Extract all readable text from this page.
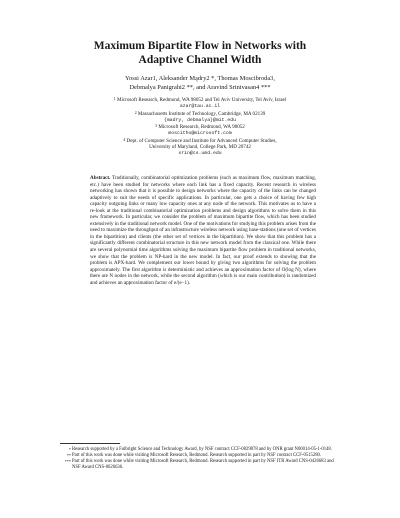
Maximum Bipartite Flow in Networks with
Adaptive Channel Width
Yossi Azar1, Aleksander Mądry2 *, Thomas Moscibroda3,
Debmalya Panigrahi2 **, and Aravind Srinivasan4 ***
$^1$ Microsoft Research, Redmond, WA 98052 and Tel Aviv University, Tel Aviv, Israel
azar@tau.ac.il
$^2$ Massachusetts Institute of Technology, Cambridge, MA 02139
{madry, debmalya}@mit.edu
$^3$ Microsoft Research, Redmond, WA 98052
moscitho@microsoft.com
$^4$ Dept. of Computer Science and Institute for Advanced Computer Studies,
University of Maryland, College Park, MD 20742
srin@cs.umd.edu
Abstract. Traditionally, combinatorial optimization problems (such as maximum flow, maximum matching, etc.) have been studied for networks where each link has a fixed capacity. Recent research in wireless networking has shown that it is possible to design networks where the capacity of the links can be changed adaptively to suit the needs of specific applications. In particular, one gets a choice of having few high capacity outgoing links or many low capacity ones at any node of the network. This motivates us to have a re-look at the traditional combinatorial optimization problems and design algorithms to solve them in this new framework. In particular, we consider the problem of maximum bipartite flow, which has been studied extensively in the traditional network model. One of the motivations for studying this problem arises from the need to maximize the throughput of an infrastructure wireless network using base-stations (one set of vertices in the bipartition) and clients (the other set of vertices in the bipartition). We show that this problem has a significantly different combinatorial structure in this new network model from the classical one. While there are several polynomial time algorithms solving the maximum bipartite flow problem in traditional networks, we show that the problem is NP-hard in the new model. In fact, our proof extends to showing that the problem is APX-hard. We complement our lower bound by giving two algorithms for solving the problem approximately. The first algorithm is deterministic and achieves an approximation factor of O(log N), where there are N nodes in the network, while the second algorithm (which is our main contribution) is randomized and achieves an approximation factor of e/(e−1).
* Research supported by a Fulbright Science and Technology Award, by NSF contract CCF-0829878 and by ONR grant N00014-05-1-0148.
** Part of this work was done while visiting Microsoft Research, Redmond. Research supported in part by NSF contract CCF-0515280.
*** Part of this work was done while visiting Microsoft Research, Redmond. Research supported in part by NSF ITR Award CNS-0426683 and NSF Award CNS-0626636.
